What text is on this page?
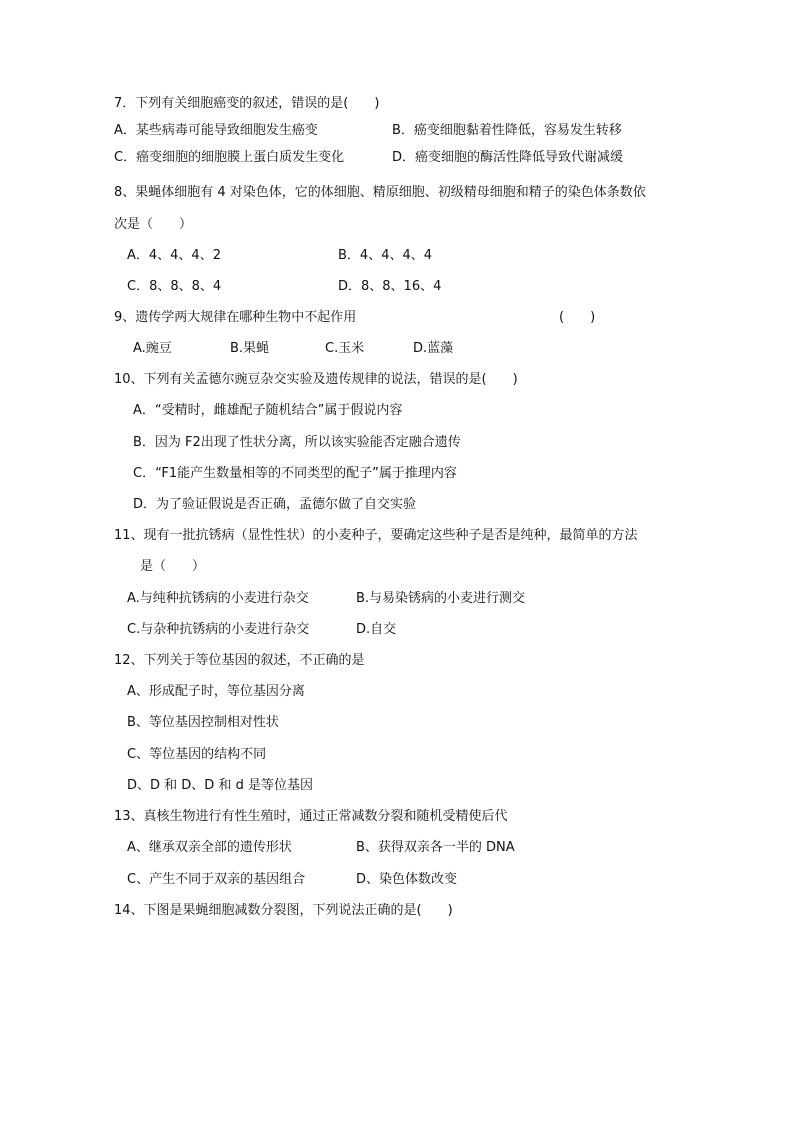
7．下列有关细胞癌变的叙述，错误的是(　　)
A．某些病毒可能导致细胞发生癌变	B．癌变细胞黏着性降低，容易发生转移
C．癌变细胞的细胞膜上蛋白质发生变化	D．癌变细胞的酶活性降低导致代谢减缓
8、果蝇体细胞有 4 对染色体，它的体细胞、精原细胞、初级精母细胞和精子的染色体条数依
次是（　　）
A．4、4、4、2	B．4、4、4、4
C．8、8、8、4	D．8、8、16、4
9、遗传学两大规律在哪种生物中不起作用	(　　)
A.豌豆	B.果蝇	C.玉米	D.蓝藻
10、下列有关孟德尔豌豆杂交实验及遗传规律的说法，错误的是(　　)
A．“受精时，雌雄配子随机结合”属于假说内容
B．因为 F2出现了性状分离，所以该实验能否定融合遗传
C．“F1能产生数量相等的不同类型的配子”属于推理内容
D．为了验证假说是否正确，孟德尔做了自交实验
11、现有一批抗锈病（显性性状）的小麦种子，要确定这些种子是否是纯种，最简单的方法
是（　　）
A.与纯种抗锈病的小麦进行杂交	B.与易染锈病的小麦进行测交
C.与杂种抗锈病的小麦进行杂交	D.自交
12、下列关于等位基因的叙述，不正确的是
A、形成配子时，等位基因分离
B、等位基因控制相对性状
C、等位基因的结构不同
D、D 和 D、D 和 d 是等位基因
13、真核生物进行有性生殖时，通过正常减数分裂和随机受精使后代
A、继承双亲全部的遗传形状	B、获得双亲各一半的 DNA
C、产生不同于双亲的基因组合	D、染色体数改变
14、下图是果蝇细胞减数分裂图，下列说法正确的是(　　)
